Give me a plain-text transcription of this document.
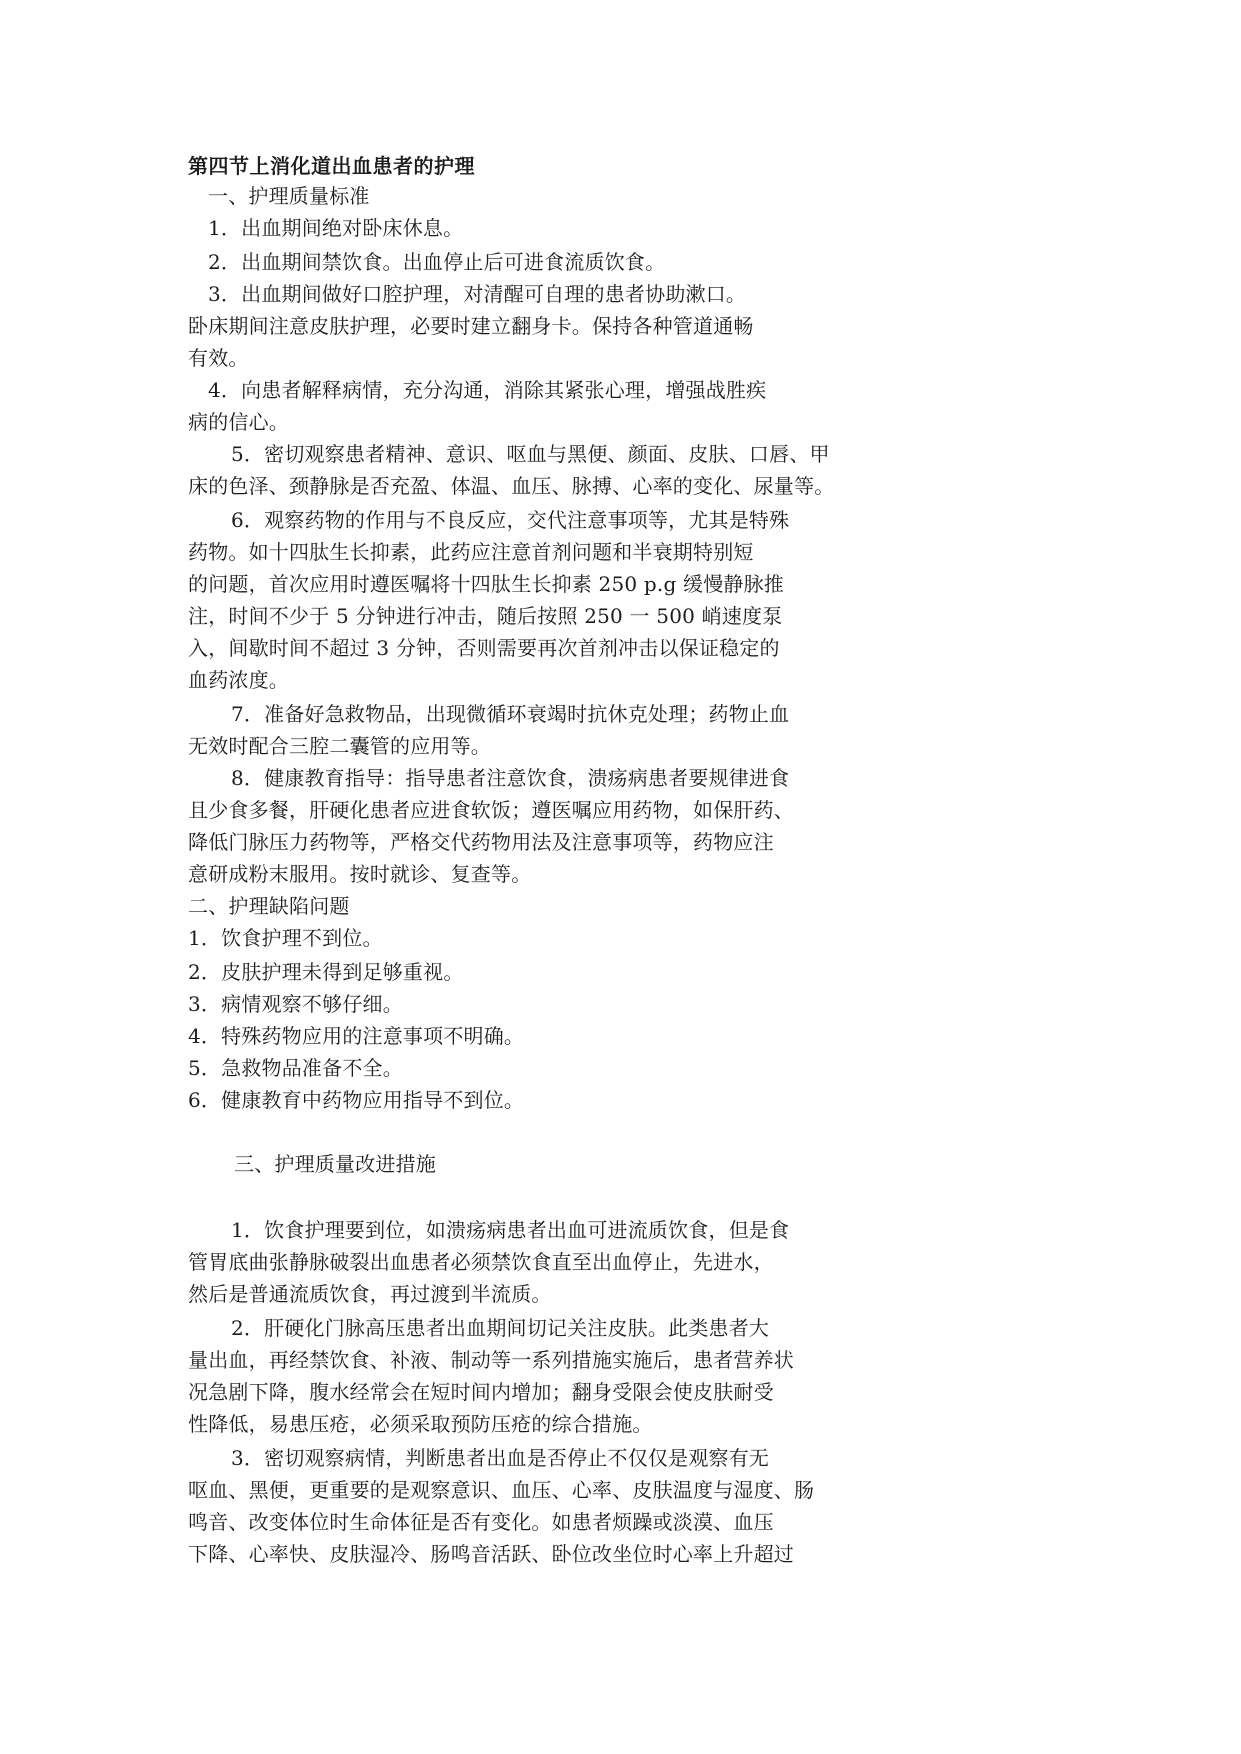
第四节上消化道出血患者的护理
一、护理质量标准
1．出血期间绝对卧床休息。
2．出血期间禁饮食。出血停止后可进食流质饮食。
3．出血期间做好口腔护理，对清醒可自理的患者协助漱口。
卧床期间注意皮肤护理，必要时建立翻身卡。保持各种管道通畅
有效。
4．向患者解释病情，充分沟通，消除其紧张心理，增强战胜疾
病的信心。
5．密切观察患者精神、意识、呕血与黑便、颜面、皮肤、口唇、甲
床的色泽、颈静脉是否充盈、体温、血压、脉搏、心率的变化、尿量等。
6．观察药物的作用与不良反应，交代注意事项等，尤其是特殊
药物。如十四肽生长抑素，此药应注意首剂问题和半衰期特别短
的问题，首次应用时遵医嘱将十四肽生长抑素 250 p.g 缓慢静脉推
注，时间不少于 5 分钟进行冲击，随后按照 250 一 500 峭速度泵
入，间歇时间不超过 3 分钟，否则需要再次首剂冲击以保证稳定的
血药浓度。
7．准备好急救物品，出现微循环衰竭时抗休克处理；药物止血
无效时配合三腔二囊管的应用等。
8．健康教育指导：指导患者注意饮食，溃疡病患者要规律进食
且少食多餐，肝硬化患者应进食软饭；遵医嘱应用药物，如保肝药、
降低门脉压力药物等，严格交代药物用法及注意事项等，药物应注
意研成粉末服用。按时就诊、复查等。
二、护理缺陷问题
1．饮食护理不到位。
2．皮肤护理未得到足够重视。
3．病情观察不够仔细。
4．特殊药物应用的注意事项不明确。
5．急救物品准备不全。
6．健康教育中药物应用指导不到位。
三、护理质量改进措施
1．饮食护理要到位，如溃疡病患者出血可进流质饮食，但是食
管胃底曲张静脉破裂出血患者必须禁饮食直至出血停止，先进水，
然后是普通流质饮食，再过渡到半流质。
2．肝硬化门脉高压患者出血期间切记关注皮肤。此类患者大
量出血，再经禁饮食、补液、制动等一系列措施实施后，患者营养状
况急剧下降，腹水经常会在短时间内增加；翻身受限会使皮肤耐受
性降低，易患压疮，必须采取预防压疮的综合措施。
3．密切观察病情，判断患者出血是否停止不仅仅是观察有无
呕血、黑便，更重要的是观察意识、血压、心率、皮肤温度与湿度、肠
鸣音、改变体位时生命体征是否有变化。如患者烦躁或淡漠、血压
下降、心率快、皮肤湿冷、肠鸣音活跃、卧位改坐位时心率上升超过
